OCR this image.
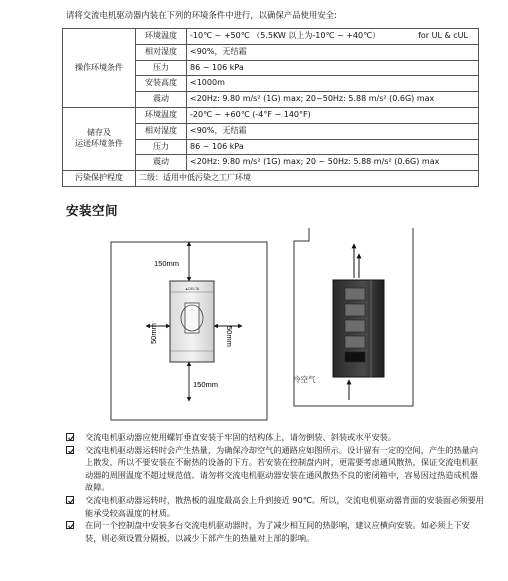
请将交流电机驱动器内装在下列的环境条件中进行，以确保产品使用安全:
操作环境条件	环境温度	-10℃ ~ +50℃ （5.5KW 以上为-10℃ ~ +40℃） for UL & cUL
	相对湿度	<90%，无结霜
	压力	86 ~ 106 kPa
	安装高度	<1000m
	震动	<20Hz: 9.80 m/s² (1G) max; 20~50Hz: 5.88 m/s² (0.6G) max
储存及
运送环境条件	环境温度	-20℃ ~ +60℃ (-4°F ~ 140°F)
	相对湿度	<90%，无结霜
	压力	86 ~ 106 kPa
	震动	<20Hz: 9.80 m/s² (1G) max; 20 ~ 50Hz: 5.88 m/s² (0.6G) max
污染保护程度	二级：适用中低污染之工厂环境	
安装空间
▲DELTA
150mm
150mm
50mm	50mm
冷空气

交流电机驱动器应使用螺钉垂直安装于牢固的结构体上，请勿倒装、斜装或水平安装。

交流电机驱动器运转时会产生热量，为确保冷却空气的通路应如图所示。设计留有一定的空间，产生的热量向上散发，所以不要安装在不耐热的设备的下方。若安装在控制盘内时，更需要考虑通风散热，保证交流电机驱动器的周围温度不超过规范值。请勿将交流电机驱动器安装在通风散热不良的密闭箱中，容易因过热造成机器故障。

交流电机驱动器运转时，散热板的温度最高会上升到接近 90℃。所以，交流电机驱动器背面的安装面必须要用能承受较高温度的材质。

在同一个控制盘中安装多台交流电机驱动器时，为了减少相互间的热影响，建议应横向安装。如必须上下安装，则必须设置分隔板，以减少下部产生的热量对上部的影响。
